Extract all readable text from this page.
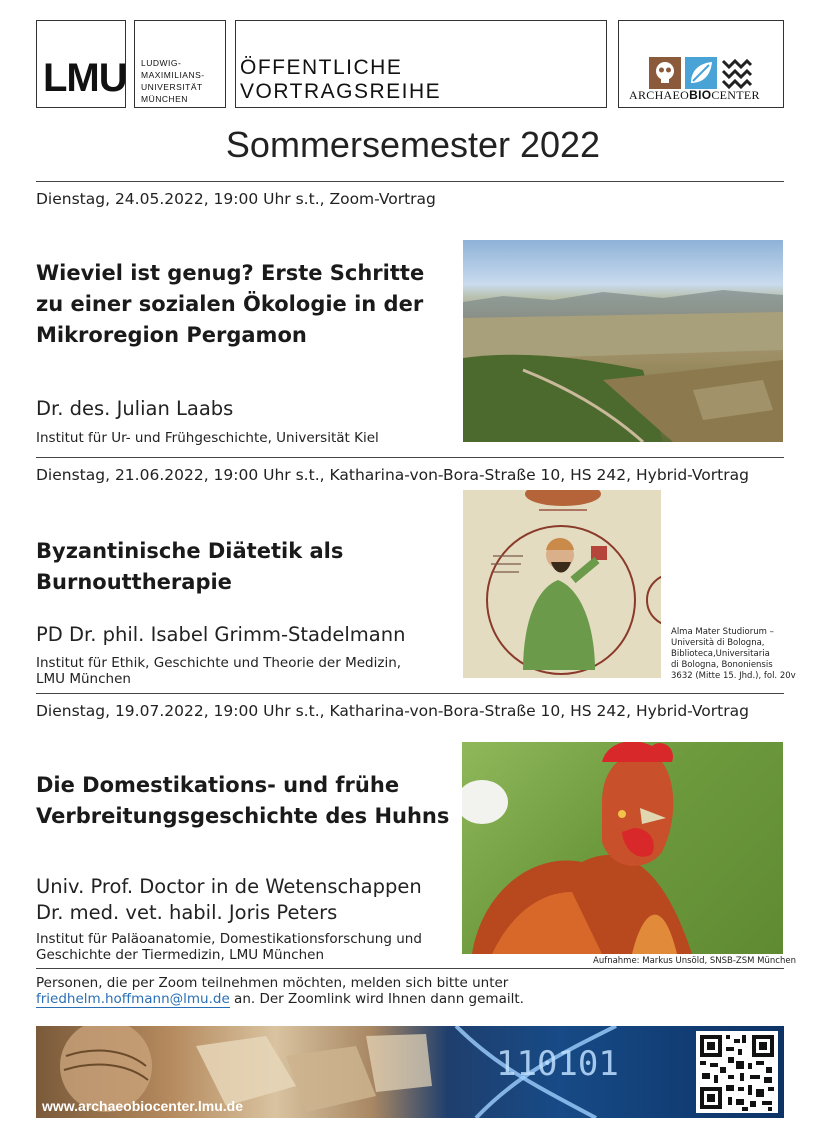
LMU LUDWIG-
MAXIMILIANS-
UNIVERSITÄT
MÜNCHEN
ÖFFENTLICHE VORTRAGSREIHE	ARCHAEOBIOCENTER
Sommersemester 2022
Dienstag, 24.05.2022, 19:00 Uhr s.t., Zoom-Vortrag
Wieviel ist genug? Erste Schritte
zu einer sozialen Ökologie in der
Mikroregion Pergamon
Dr. des. Julian Laabs
Institut für Ur- und Frühgeschichte, Universität Kiel
Dienstag, 21.06.2022, 19:00 Uhr s.t., Katharina-von-Bora-Straße 10, HS 242, Hybrid-Vortrag
Byzantinische Diätetik als
Burnouttherapie
PD Dr. phil. Isabel Grimm-Stadelmann
Institut für Ethik, Geschichte und Theorie der Medizin,
LMU München
Alma Mater Studiorum –
Università di Bologna,
Biblioteca,Universitaria
di Bologna, Bononiensis
3632 (Mitte 15. Jhd.), fol. 20v
Dienstag, 19.07.2022, 19:00 Uhr s.t., Katharina-von-Bora-Straße 10, HS 242, Hybrid-Vortrag
Die Domestikations- und frühe
Verbreitungsgeschichte des Huhns
Univ. Prof. Doctor in de Wetenschappen
Dr. med. vet. habil. Joris Peters
Institut für Paläoanatomie, Domestikationsforschung und
Geschichte der Tiermedizin, LMU München	Aufnahme: Markus Unsöld, SNSB-ZSM München
Personen, die per Zoom teilnehmen möchten, melden sich bitte unter
friedhelm.hoffmann@lmu.de an. Der Zoomlink wird Ihnen dann gemailt.
110101
www.archaeobiocenter.lmu.de
